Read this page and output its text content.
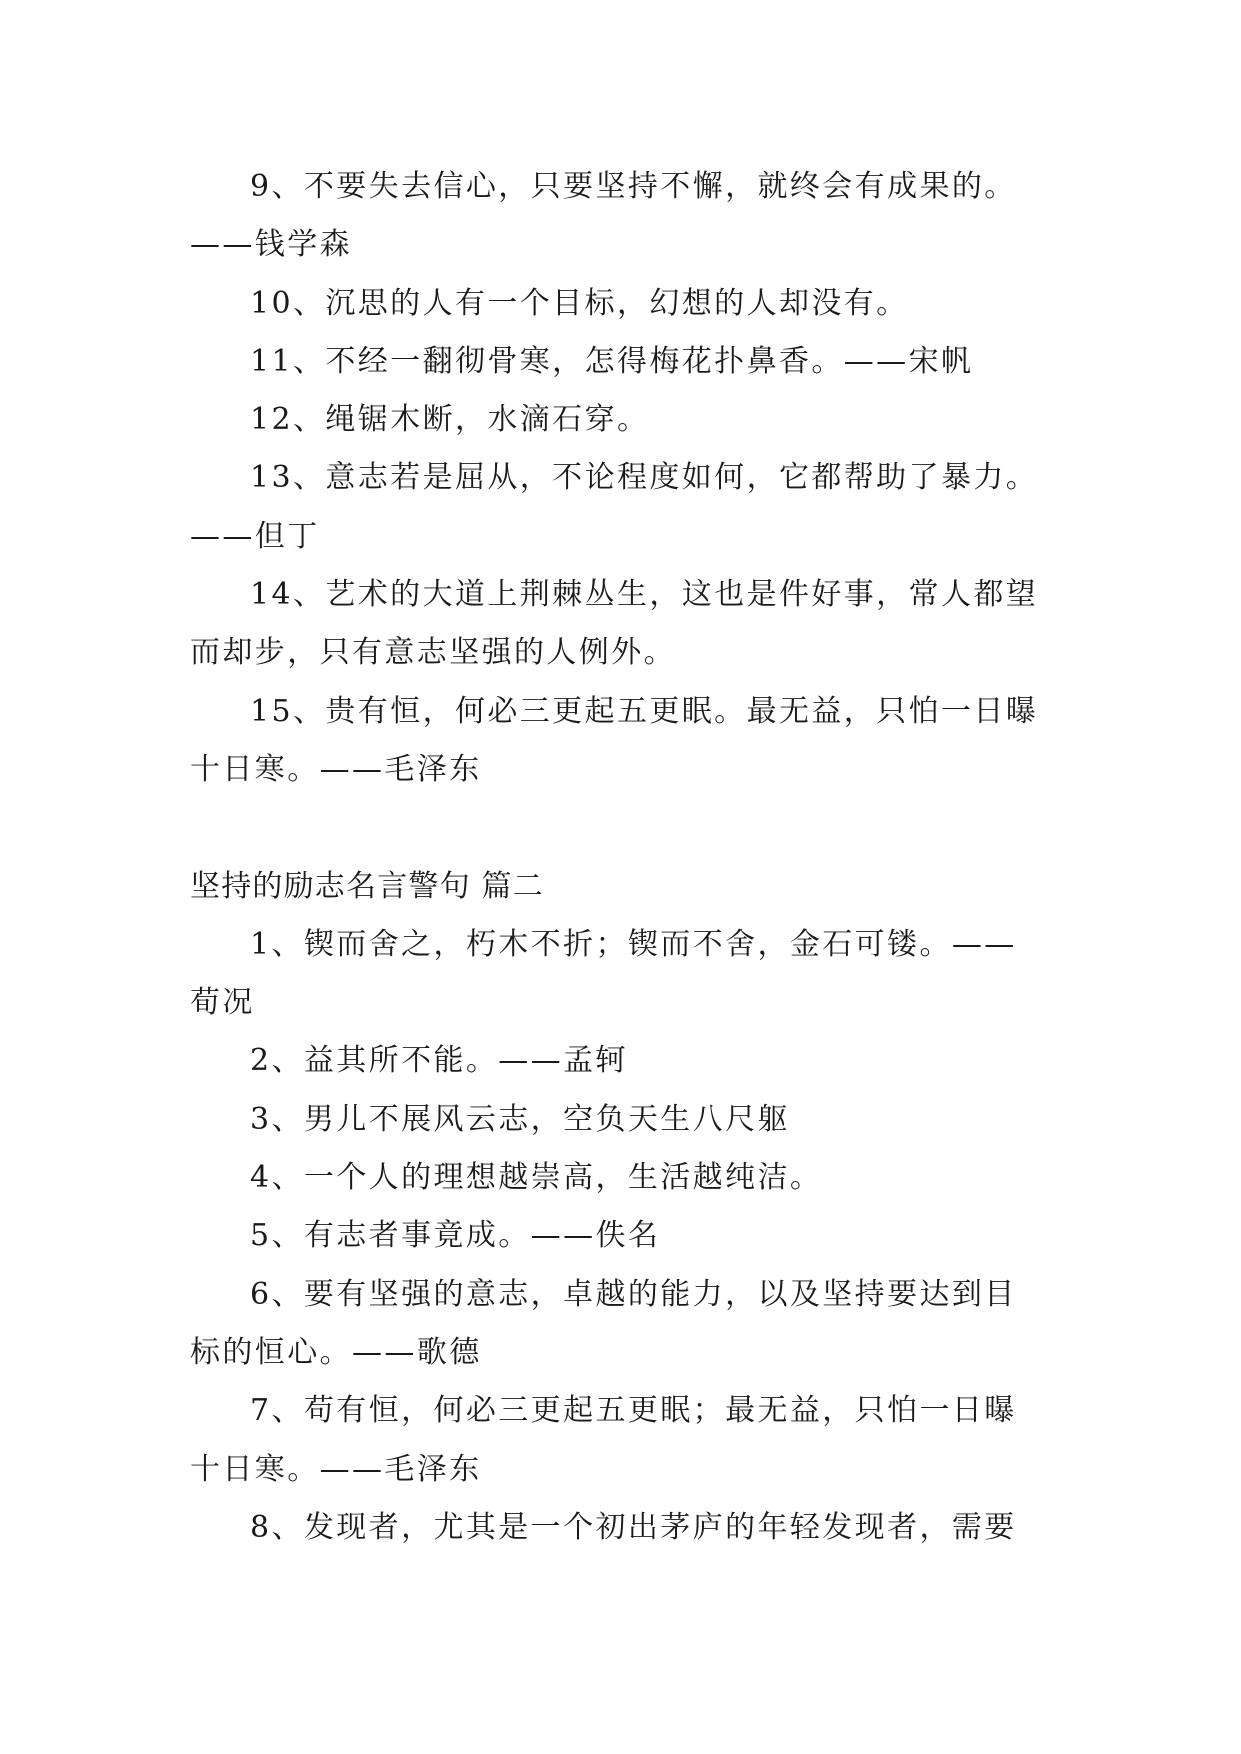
9、不要失去信心，只要坚持不懈，就终会有成果的。
——钱学森
10、沉思的人有一个目标，幻想的人却没有。
11、不经一翻彻骨寒，怎得梅花扑鼻香。——宋帆
12、绳锯木断，水滴石穿。
13、意志若是屈从，不论程度如何，它都帮助了暴力。
——但丁
14、艺术的大道上荆棘丛生，这也是件好事，常人都望
而却步，只有意志坚强的人例外。
15、贵有恒，何必三更起五更眠。最无益，只怕一日曝
十日寒。——毛泽东
坚持的励志名言警句 篇二
1、锲而舍之，朽木不折；锲而不舍，金石可镂。——
荀况
2、益其所不能。——孟轲
3、男儿不展风云志，空负天生八尺躯
4、一个人的理想越崇高，生活越纯洁。
5、有志者事竟成。——佚名
6、要有坚强的意志，卓越的能力，以及坚持要达到目
标的恒心。——歌德
7、苟有恒，何必三更起五更眠；最无益，只怕一日曝
十日寒。——毛泽东
8、发现者，尤其是一个初出茅庐的年轻发现者，需要
